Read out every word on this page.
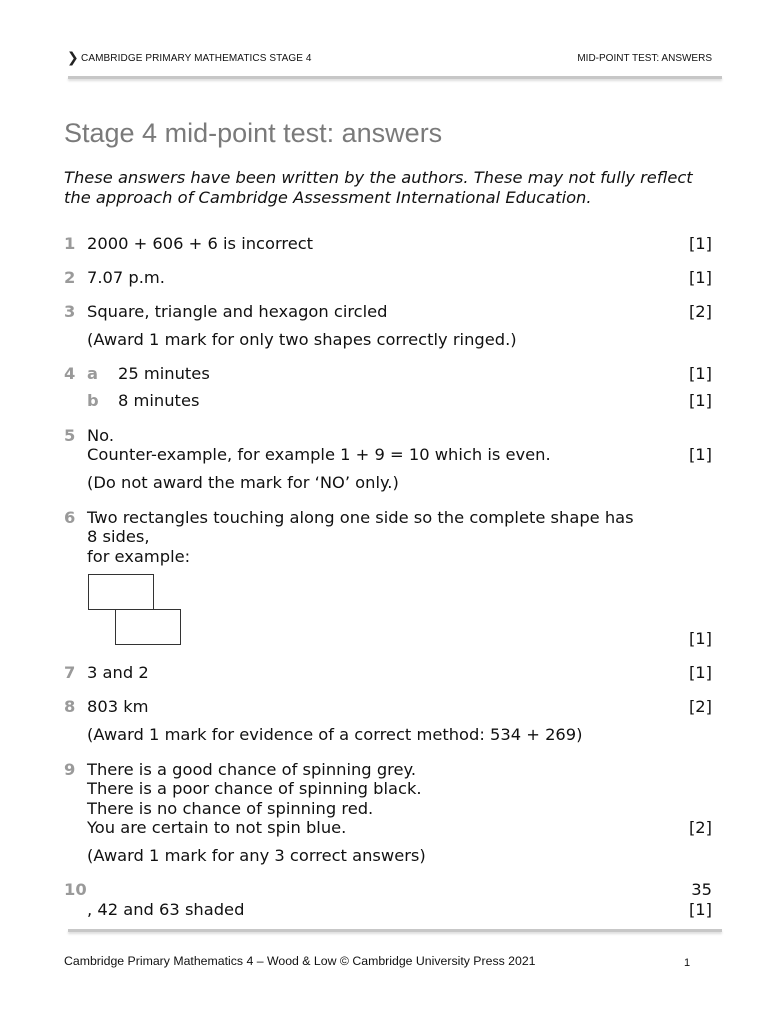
❯ CAMBRIDGE PRIMARY MATHEMATICS STAGE 4	MID-POINT TEST: ANSWERS
Stage 4 mid-point test: answers
These answers have been written by the authors. These may not fully reflect the approach of Cambridge Assessment International Education.
1 2000 + 606 + 6 is incorrect	[1]
2 7.07 p.m.	[1]
3 Square, triangle and hexagon circled	[2]
(Award 1 mark for only two shapes correctly ringed.)
4 a 25 minutes	[1]
b 8 minutes	[1]
5 No.
Counter-example, for example 1 + 9 = 10 which is even.	[1]
(Do not award the mark for ‘NO’ only.)
6 Two rectangles touching along one side so the complete shape has
8 sides,
for example:
[1]
7 3 and 2	[1]
8 803 km	[2]
(Award 1 mark for evidence of a correct method: 534 + 269)
9 There is a good chance of spinning grey.
There is a poor chance of spinning black.
There is no chance of spinning red.
You are certain to not spin blue.	[2]
(Award 1 mark for any 3 correct answers)
10	35
, 42 and 63 shaded	[1]
Cambridge Primary Mathematics 4 – Wood & Low © Cambridge University Press 2021	1
